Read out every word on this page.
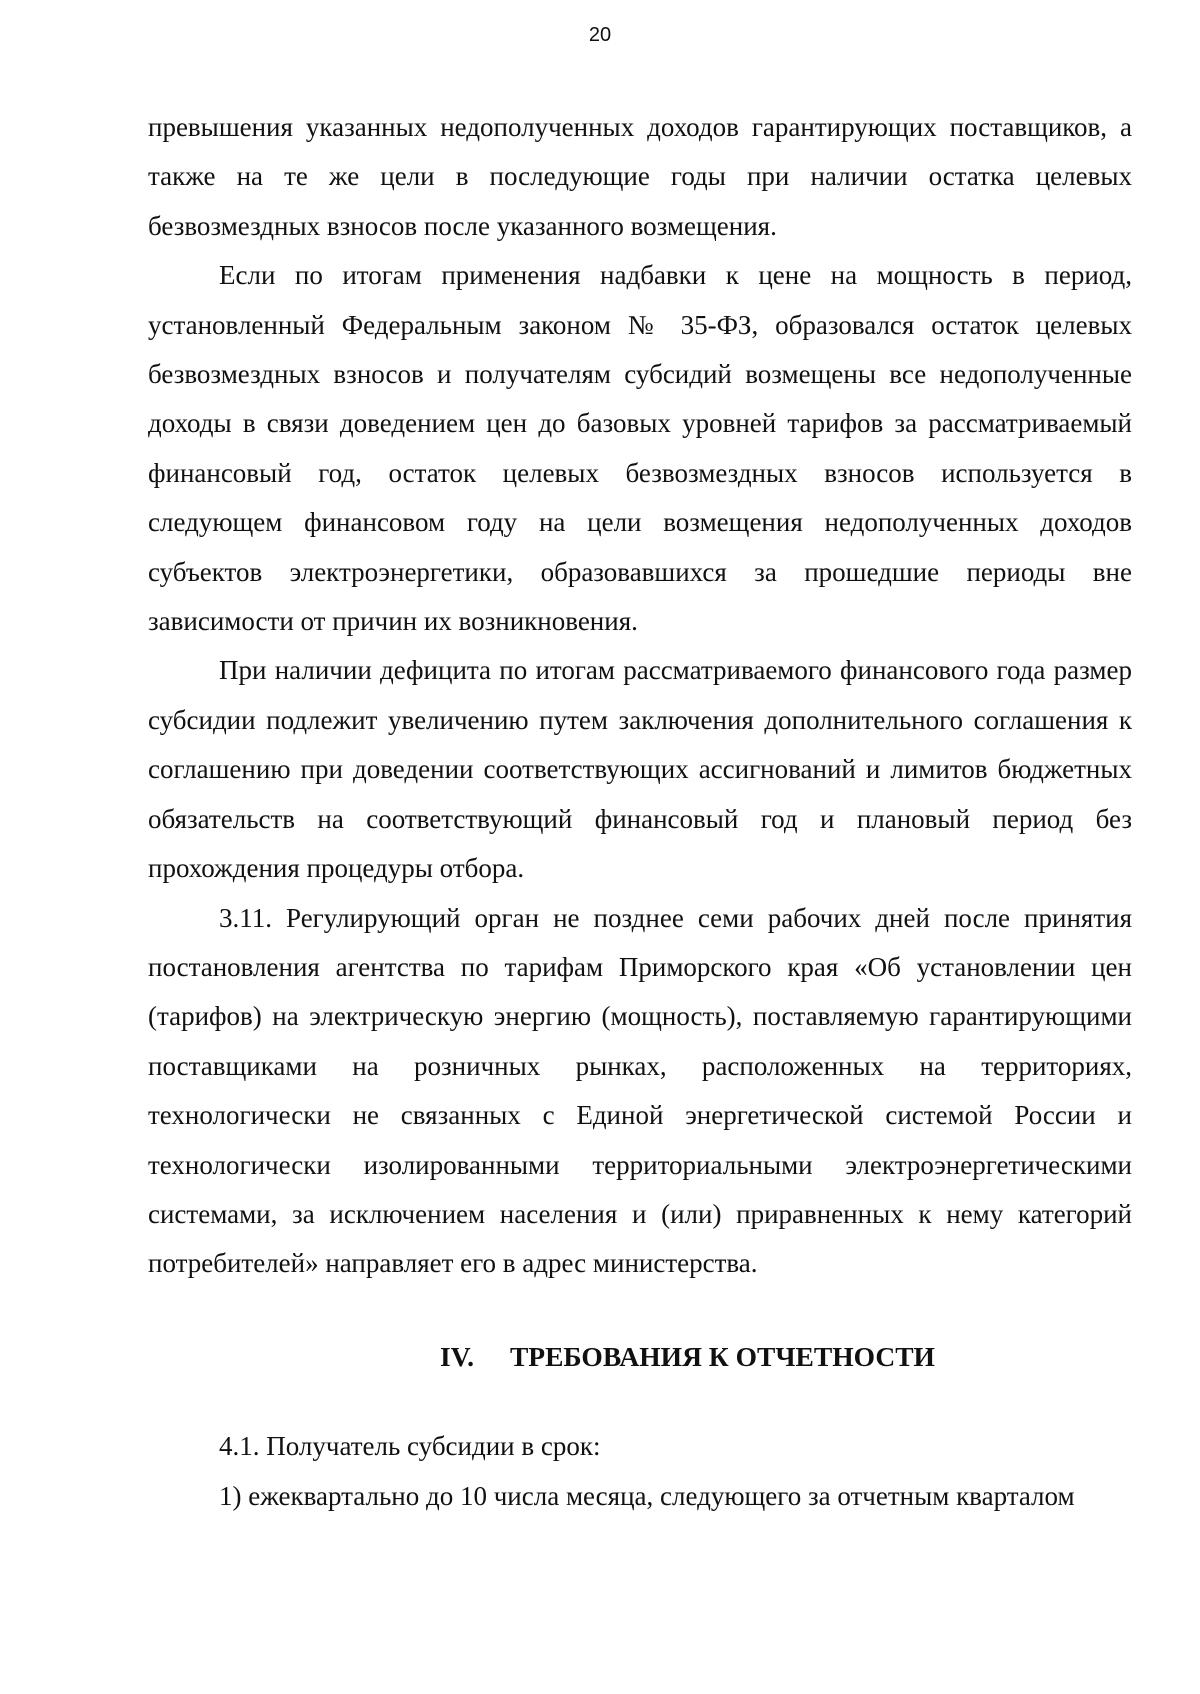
20

превышения указанных недополученных доходов гарантирующих поставщиков, а также на те же цели в последующие годы при наличии остатка целевых безвозмездных взносов после указанного возмещения.

Если по итогам применения надбавки к цене на мощность в период, установленный Федеральным законом № 35-ФЗ, образовался остаток целевых безвозмездных взносов и получателям субсидий возмещены все недополученные доходы в связи доведением цен до базовых уровней тарифов за рассматриваемый финансовый год, остаток целевых безвозмездных взносов используется в следующем финансовом году на цели возмещения недополученных доходов субъектов электроэнергетики, образовавшихся за прошедшие периоды вне зависимости от причин их возникновения.

При наличии дефицита по итогам рассматриваемого финансового года размер субсидии подлежит увеличению путем заключения дополнительного соглашения к соглашению при доведении соответствующих ассигнований и лимитов бюджетных обязательств на соответствующий финансовый год и плановый период без прохождения процедуры отбора.

3.11. Регулирующий орган не позднее семи рабочих дней после принятия постановления агентства по тарифам Приморского края «Об установлении цен (тарифов) на электрическую энергию (мощность), поставляемую гарантирующими поставщиками на розничных рынках, расположенных на территориях, технологически не связанных с Единой энергетической системой России и технологически изолированными территориальными электроэнергетическими системами, за исключением населения и (или) приравненных к нему категорий потребителей» направляет его в адрес министерства.

IV. ТРЕБОВАНИЯ К ОТЧЕТНОСТИ

4.1. Получатель субсидии в срок:

1) ежеквартально до 10 числа месяца, следующего за отчетным кварталом
